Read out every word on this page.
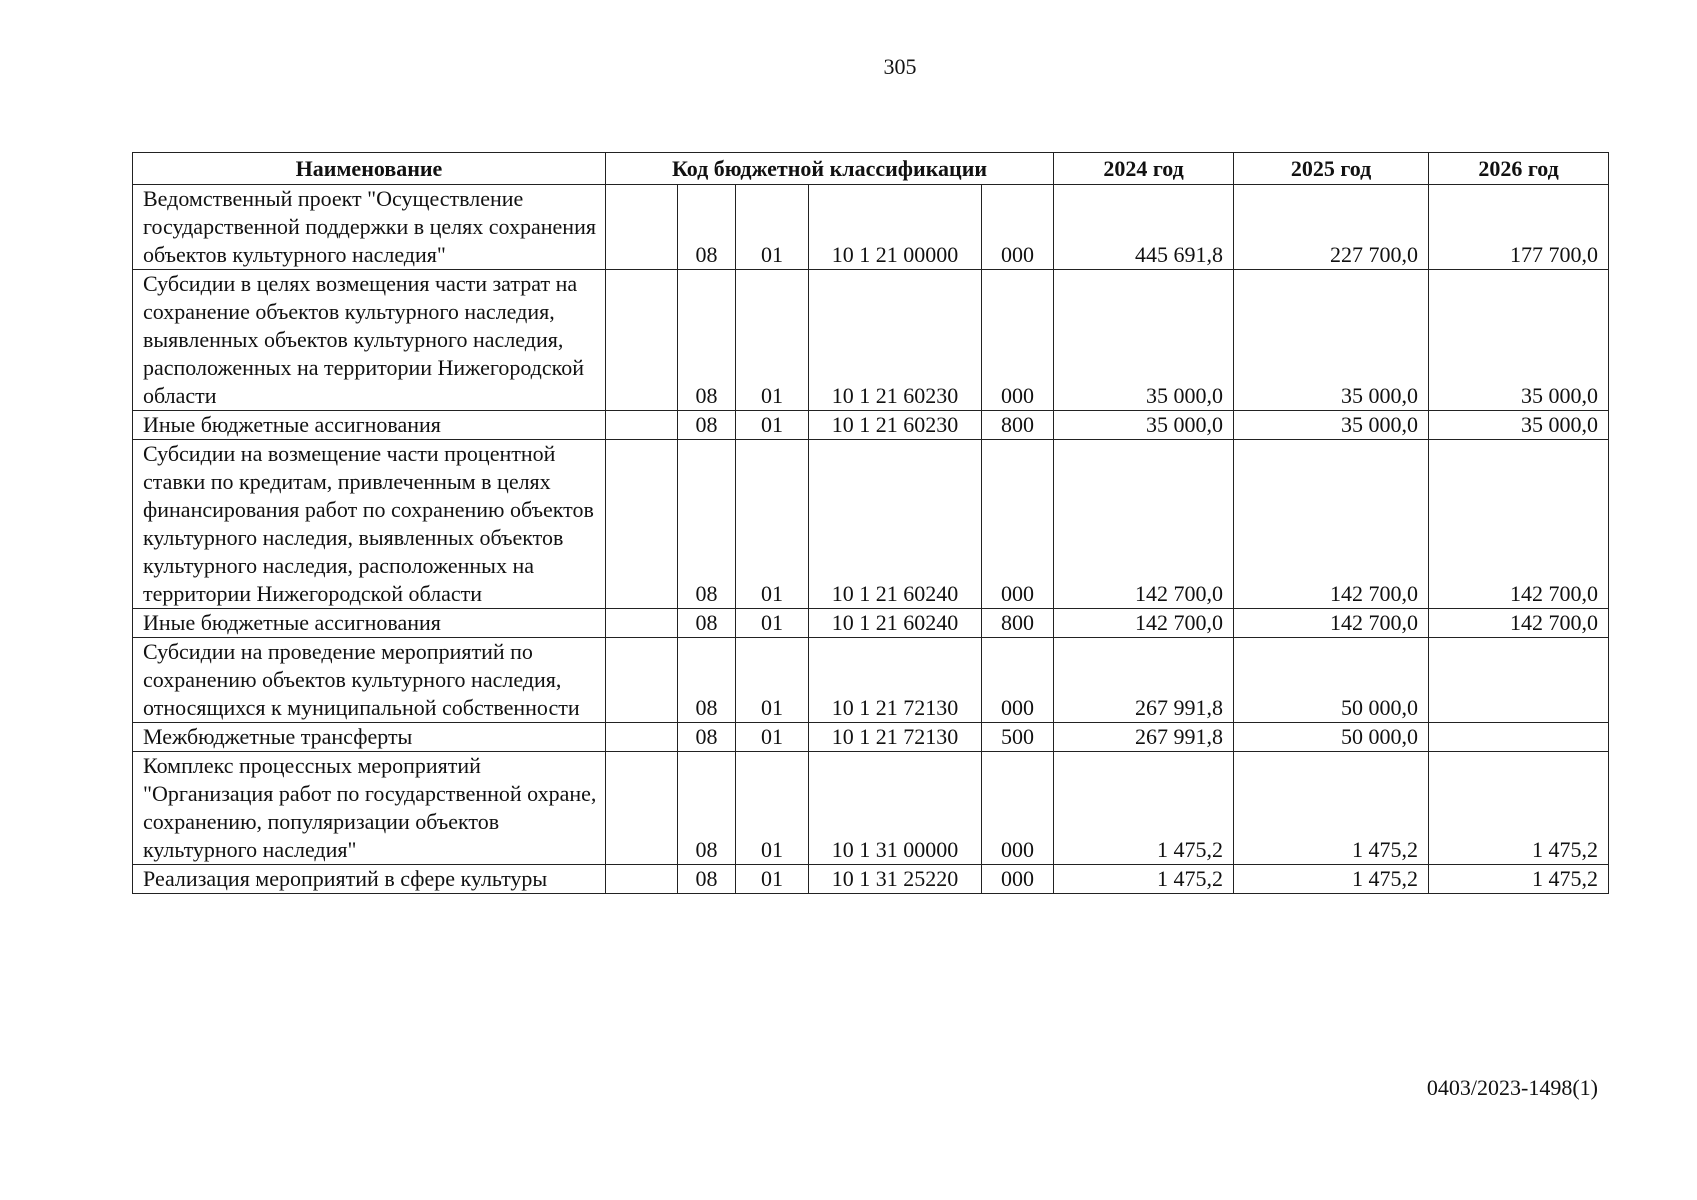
305
Наименование	Код бюджетной классификации					2024 год	2025 год	2026 год
Ведомственный проект "Осуществление государственной поддержки в целях сохранения объектов культурного наследия"		08	01	10 1 21 00000	000	445 691,8	227 700,0	177 700,0
Субсидии в целях возмещения части затрат на сохранение объектов культурного наследия, выявленных объектов культурного наследия, расположенных на территории Нижегородской области		08	01	10 1 21 60230	000	35 000,0	35 000,0	35 000,0
Иные бюджетные ассигнования		08	01	10 1 21 60230	800	35 000,0	35 000,0	35 000,0
Субсидии на возмещение части процентной ставки по кредитам, привлеченным в целях финансирования работ по сохранению объектов культурного наследия, выявленных объектов культурного наследия, расположенных на территории Нижегородской области		08	01	10 1 21 60240	000	142 700,0	142 700,0	142 700,0
Иные бюджетные ассигнования		08	01	10 1 21 60240	800	142 700,0	142 700,0	142 700,0
Субсидии на проведение мероприятий по сохранению объектов культурного наследия, относящихся к муниципальной собственности		08	01	10 1 21 72130	000	267 991,8	50 000,0	
Межбюджетные трансферты		08	01	10 1 21 72130	500	267 991,8	50 000,0	
Комплекс процессных мероприятий "Организация работ по государственной охране, сохранению, популяризации объектов культурного наследия"		08	01	10 1 31 00000	000	1 475,2	1 475,2	1 475,2
Реализация мероприятий в сфере культуры		08	01	10 1 31 25220	000	1 475,2	1 475,2	1 475,2
0403/2023-1498(1)
